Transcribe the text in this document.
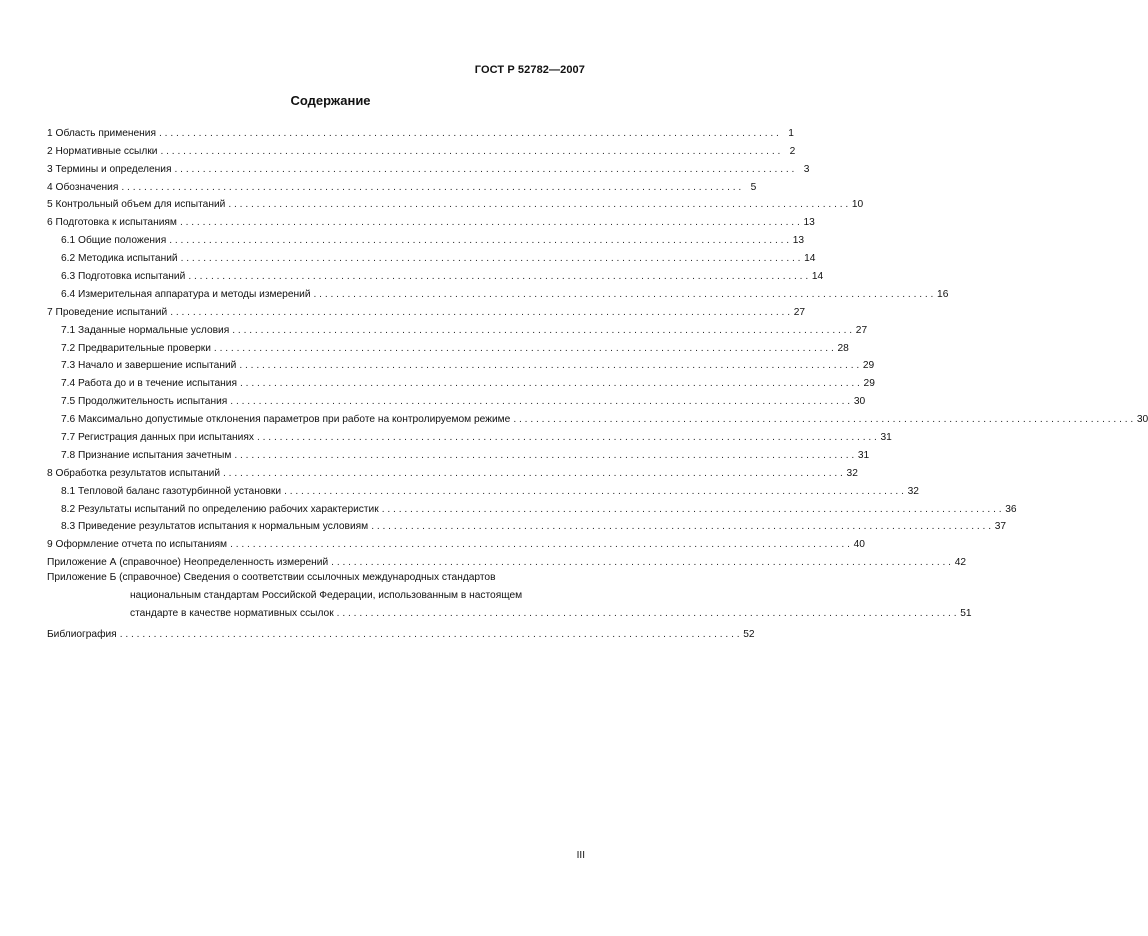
ГОСТ Р 52782—2007
Содержание
1 Область применения . . .	1
2 Нормативные ссылки . . .	2
3 Термины и определения . . .	3
4 Обозначения . . .	5
5 Контрольный объем для испытаний . . .	10
6 Подготовка к испытаниям . . .	13
6.1 Общие положения . . .	13
6.2 Методика испытаний . . .	14
6.3 Подготовка испытаний . . .	14
6.4 Измерительная аппаратура и методы измерений . . .	16
7 Проведение испытаний . . .	27
7.1 Заданные нормальные условия . . .	27
7.2 Предварительные проверки . . .	28
7.3 Начало и завершение испытаний . . .	29
7.4 Работа до и в течение испытания . . .	29
7.5 Продолжительность испытания . . .	30
7.6 Максимально допустимые отклонения параметров при работе на контролируемом режиме . . .	30
7.7 Регистрация данных при испытаниях . . .	31
7.8 Признание испытания зачетным . . .	31
8 Обработка результатов испытаний . . .	32
8.1 Тепловой баланс газотурбинной установки . . .	32
8.2 Результаты испытаний по определению рабочих характеристик . . .	36
8.3 Приведение результатов испытания к нормальным условиям . . .	37
9 Оформление отчета по испытаниям . . .	40
Приложение А (справочное) Неопределенность измерений . . .	42
Приложение Б (справочное) Сведения о соответствии ссылочных международных стандартов
национальным стандартам Российской Федерации, использованным в настоящем
стандарте в качестве нормативных ссылок . . .	51
Библиография . . .	52
III
